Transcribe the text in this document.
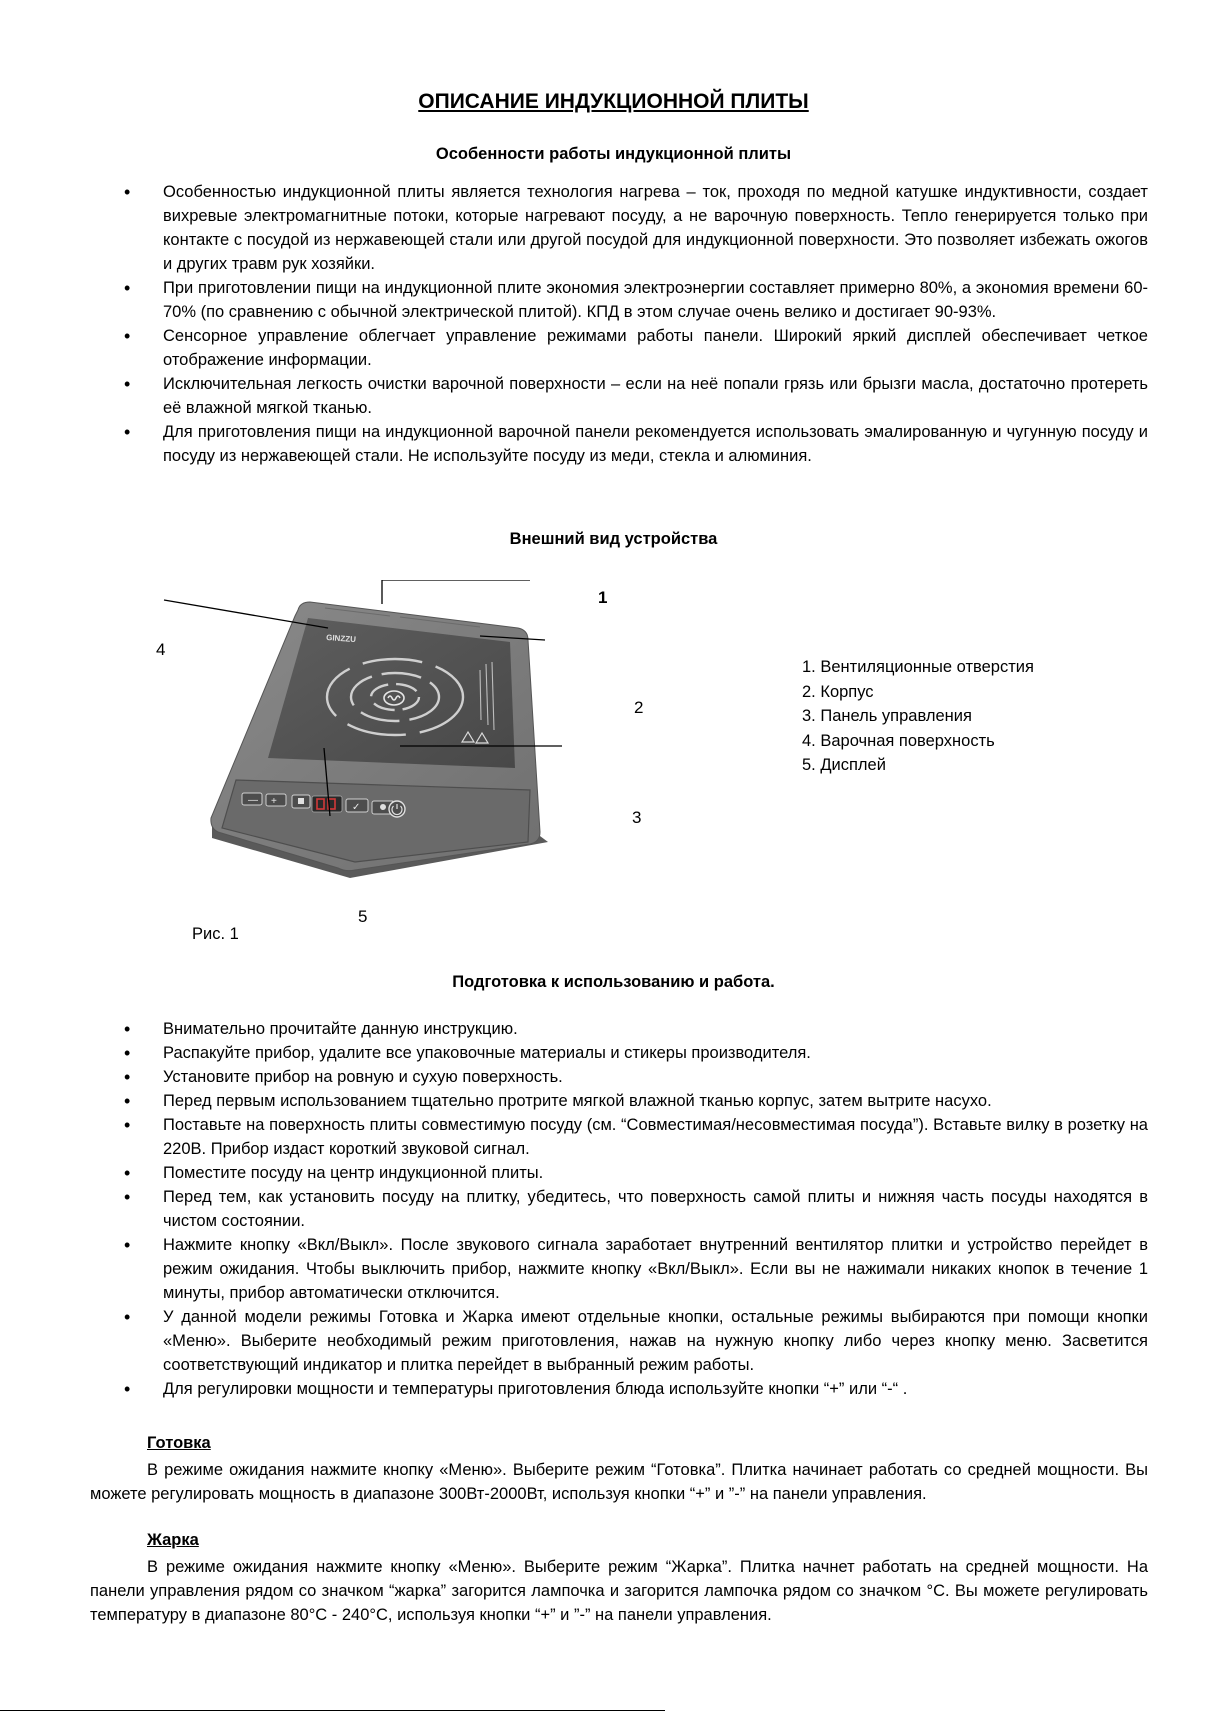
ОПИСАНИЕ ИНДУКЦИОННОЙ ПЛИТЫ
Особенности работы индукционной плиты
• Особенностью индукционной плиты является технология нагрева – ток, проходя по медной катушке индуктивности, создает вихревые электромагнитные потоки, которые нагревают посуду, а не варочную поверхность. Тепло генерируется только при контакте с посудой из нержавеющей стали или другой посудой для индукционной поверхности. Это позволяет избежать ожогов и других травм рук хозяйки.
• При приготовлении пищи на индукционной плите экономия электроэнергии составляет примерно 80%, а экономия времени 60-70% (по сравнению с обычной электрической плитой). КПД в этом случае очень велико и достигает 90-93%.
• Сенсорное управление облегчает управление режимами работы панели. Широкий яркий дисплей обеспечивает четкое отображение информации.
• Исключительная легкость очистки варочной поверхности – если на неё попали грязь или брызги масла, достаточно протереть её влажной мягкой тканью.
• Для приготовления пищи на индукционной варочной панели рекомендуется использовать эмалированную и чугунную посуду и посуду из нержавеющей стали. Не используйте посуду из меди, стекла и алюминия.
Внешний вид устройства
GINZZU
— +
✓
1
2
3
4
5
1. Вентиляционные отверстия
2. Корпус
3. Панель управления
4. Варочная поверхность
5. Дисплей
Рис. 1
Подготовка к использованию и работа.
• Внимательно прочитайте данную инструкцию.
• Распакуйте прибор, удалите все упаковочные материалы и стикеры производителя.
• Установите прибор на ровную и сухую поверхность.
• Перед первым использованием тщательно протрите мягкой влажной тканью корпус, затем вытрите насухо.
• Поставьте на поверхность плиты совместимую посуду (см. “Совместимая/несовместимая посуда”). Вставьте вилку в розетку на 220В. Прибор издаст короткий звуковой сигнал.
• Поместите посуду на центр индукционной плиты.
• Перед тем, как установить посуду на плитку, убедитесь, что поверхность самой плиты и нижняя часть посуды находятся в чистом состоянии.
• Нажмите кнопку «Вкл/Выкл». После звукового сигнала заработает внутренний вентилятор плитки и устройство перейдет в режим ожидания. Чтобы выключить прибор, нажмите кнопку «Вкл/Выкл». Если вы не нажимали никаких кнопок в течение 1 минуты, прибор автоматически отключится.
• У данной модели режимы Готовка и Жарка имеют отдельные кнопки, остальные режимы выбираются при помощи кнопки «Меню». Выберите необходимый режим приготовления, нажав на нужную кнопку либо через кнопку меню. Засветится соответствующий индикатор и плитка перейдет в выбранный режим работы.
• Для регулировки мощности и температуры приготовления блюда используйте кнопки “+” или “-“ .
Готовка

В режиме ожидания нажмите кнопку «Меню». Выберите режим “Готовка”. Плитка начинает работать со средней мощности. Вы можете регулировать мощность в диапазоне 300Вт-2000Вт, используя кнопки “+” и ”-” на панели управления.

Жарка

В режиме ожидания нажмите кнопку «Меню». Выберите режим “Жарка”. Плитка начнет работать на средней мощности. На панели управления рядом со значком “жарка” загорится лампочка и загорится лампочка рядом со значком °С. Вы можете регулировать температуру в диапазоне 80°С - 240°С, используя кнопки “+” и ”-” на панели управления.
